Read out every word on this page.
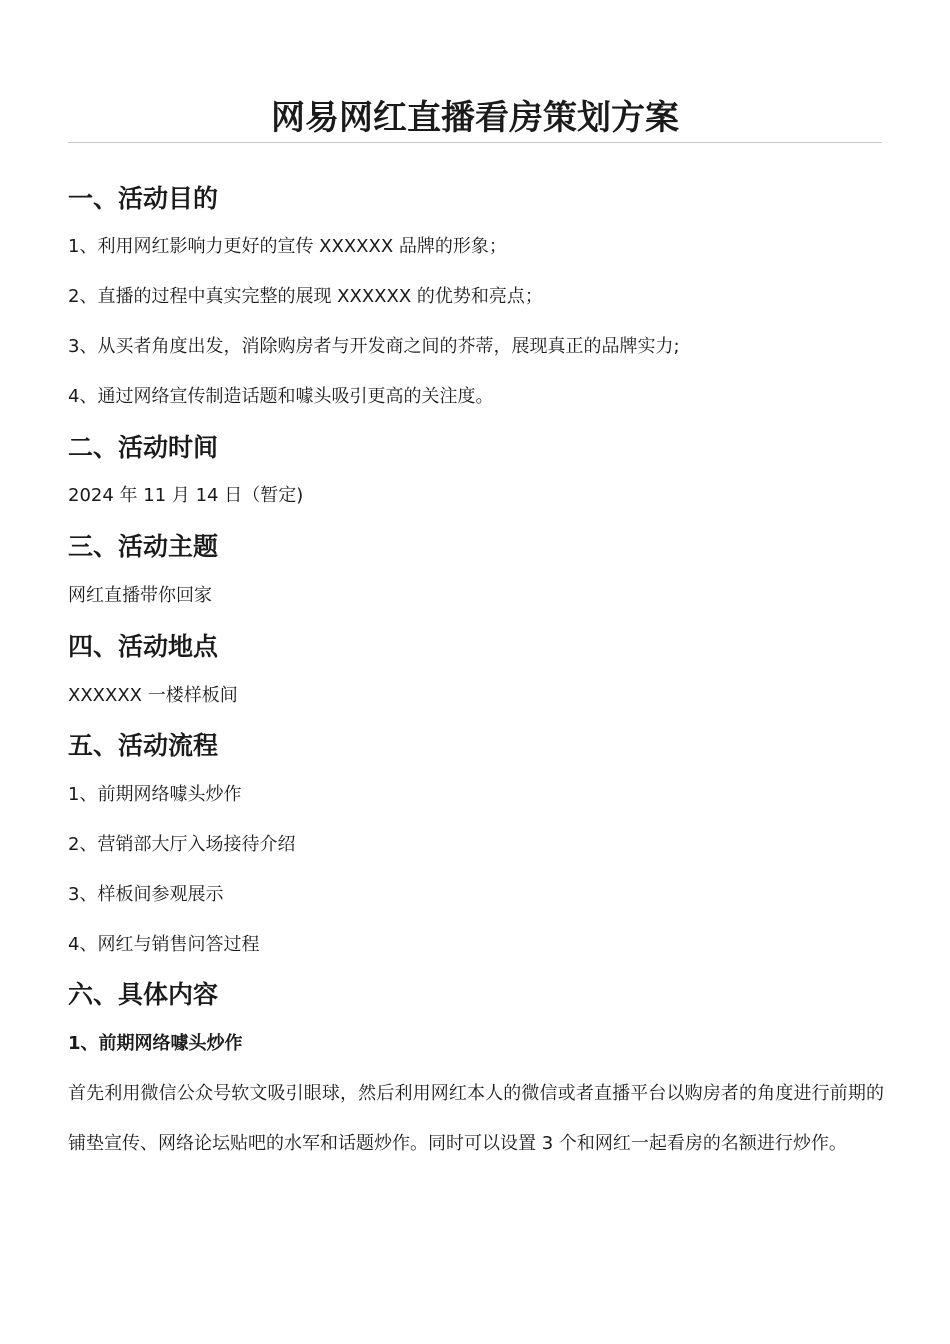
网易网红直播看房策划方案
一、活动目的

1、利用网红影响力更好的宣传 XXXXXX 品牌的形象；

2、直播的过程中真实完整的展现 XXXXXX 的优势和亮点；

3、从买者角度出发，消除购房者与开发商之间的芥蒂，展现真正的品牌实力;

4、通过网络宣传制造话题和噱头吸引更高的关注度。

二、活动时间

2024 年 11 月 14 日（暂定)

三、活动主题

网红直播带你回家

四、活动地点

XXXXXX 一楼样板间

五、活动流程

1、前期网络噱头炒作

2、营销部大厅入场接待介绍

3、样板间参观展示

4、网红与销售问答过程

六、具体内容
1、前期网络噱头炒作

首先利用微信公众号软文吸引眼球，然后利用网红本人的微信或者直播平台以购房者的角度进行前期的铺垫宣传、网络论坛贴吧的水军和话题炒作。同时可以设置 3 个和网红一起看房的名额进行炒作。
